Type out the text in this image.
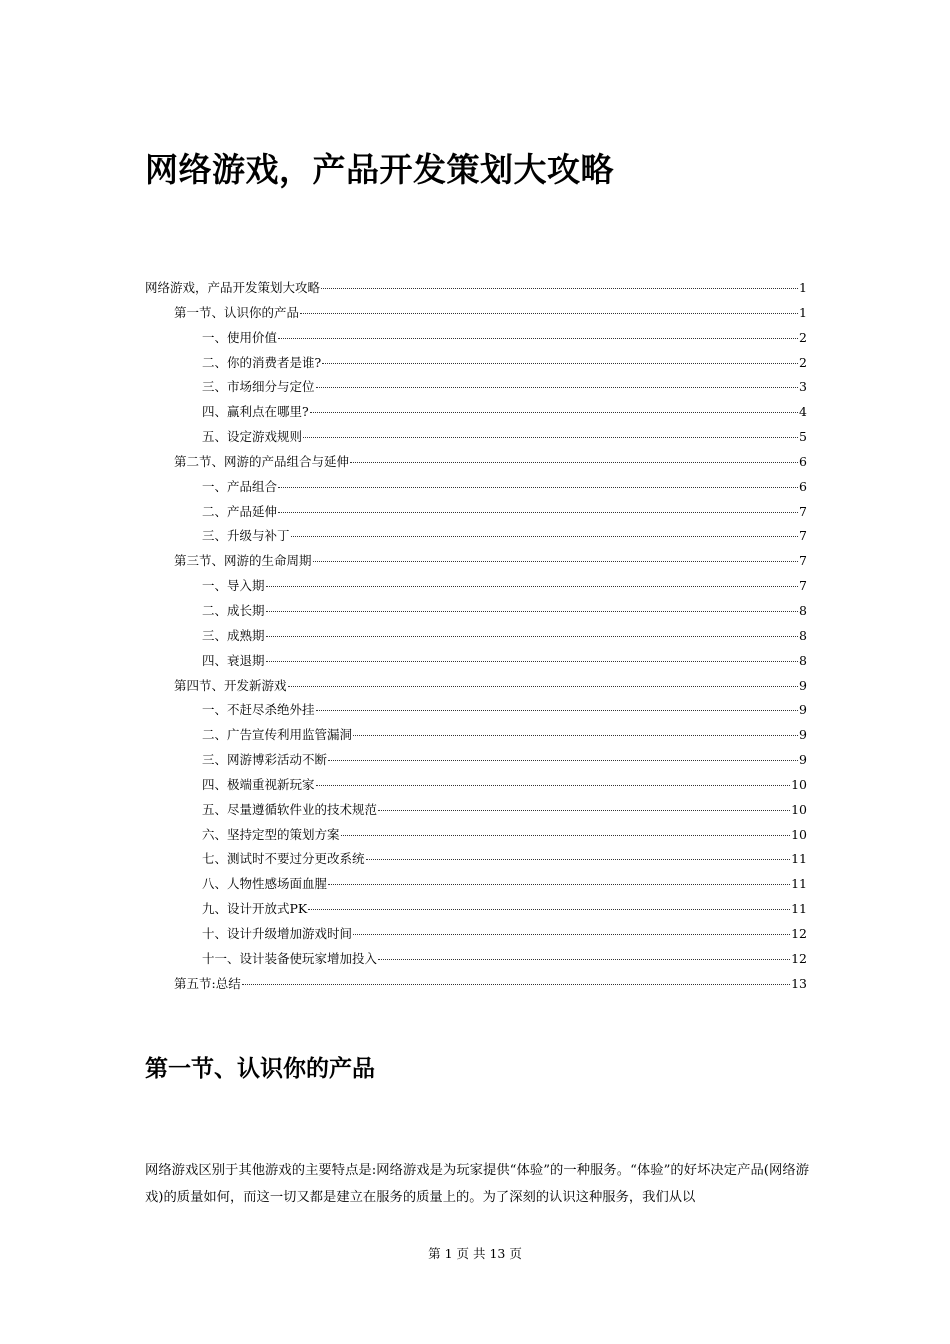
网络游戏，产品开发策划大攻略
网络游戏，产品开发策划大攻略	1
第一节、认识你的产品	1
一、使用价值	2
二、你的消费者是谁?	2
三、市场细分与定位	3
四、赢利点在哪里?	4
五、设定游戏规则	5
第二节、网游的产品组合与延伸	6
一、产品组合	6
二、产品延伸	7
三、升级与补丁	7
第三节、网游的生命周期	7
一、导入期	7
二、成长期	8
三、成熟期	8
四、衰退期	8
第四节、开发新游戏	9
一、不赶尽杀绝外挂	9
二、广告宣传利用监管漏洞	9
三、网游博彩活动不断	9
四、极端重视新玩家	10
五、尽量遵循软件业的技术规范	10
六、坚持定型的策划方案	10
七、测试时不要过分更改系统	11
八、人物性感场面血腥	11
九、设计开放式PK	11
十、设计升级增加游戏时间	12
十一、设计装备使玩家增加投入	12
第五节:总结	13
第一节、认识你的产品

网络游戏区别于其他游戏的主要特点是:网络游戏是为玩家提供“体验”的一种服务。“体验”的好坏决定产品(网络游戏)的质量如何，而这一切又都是建立在服务的质量上的。为了深刻的认识这种服务，我们从以

第 1 页 共 13 页
